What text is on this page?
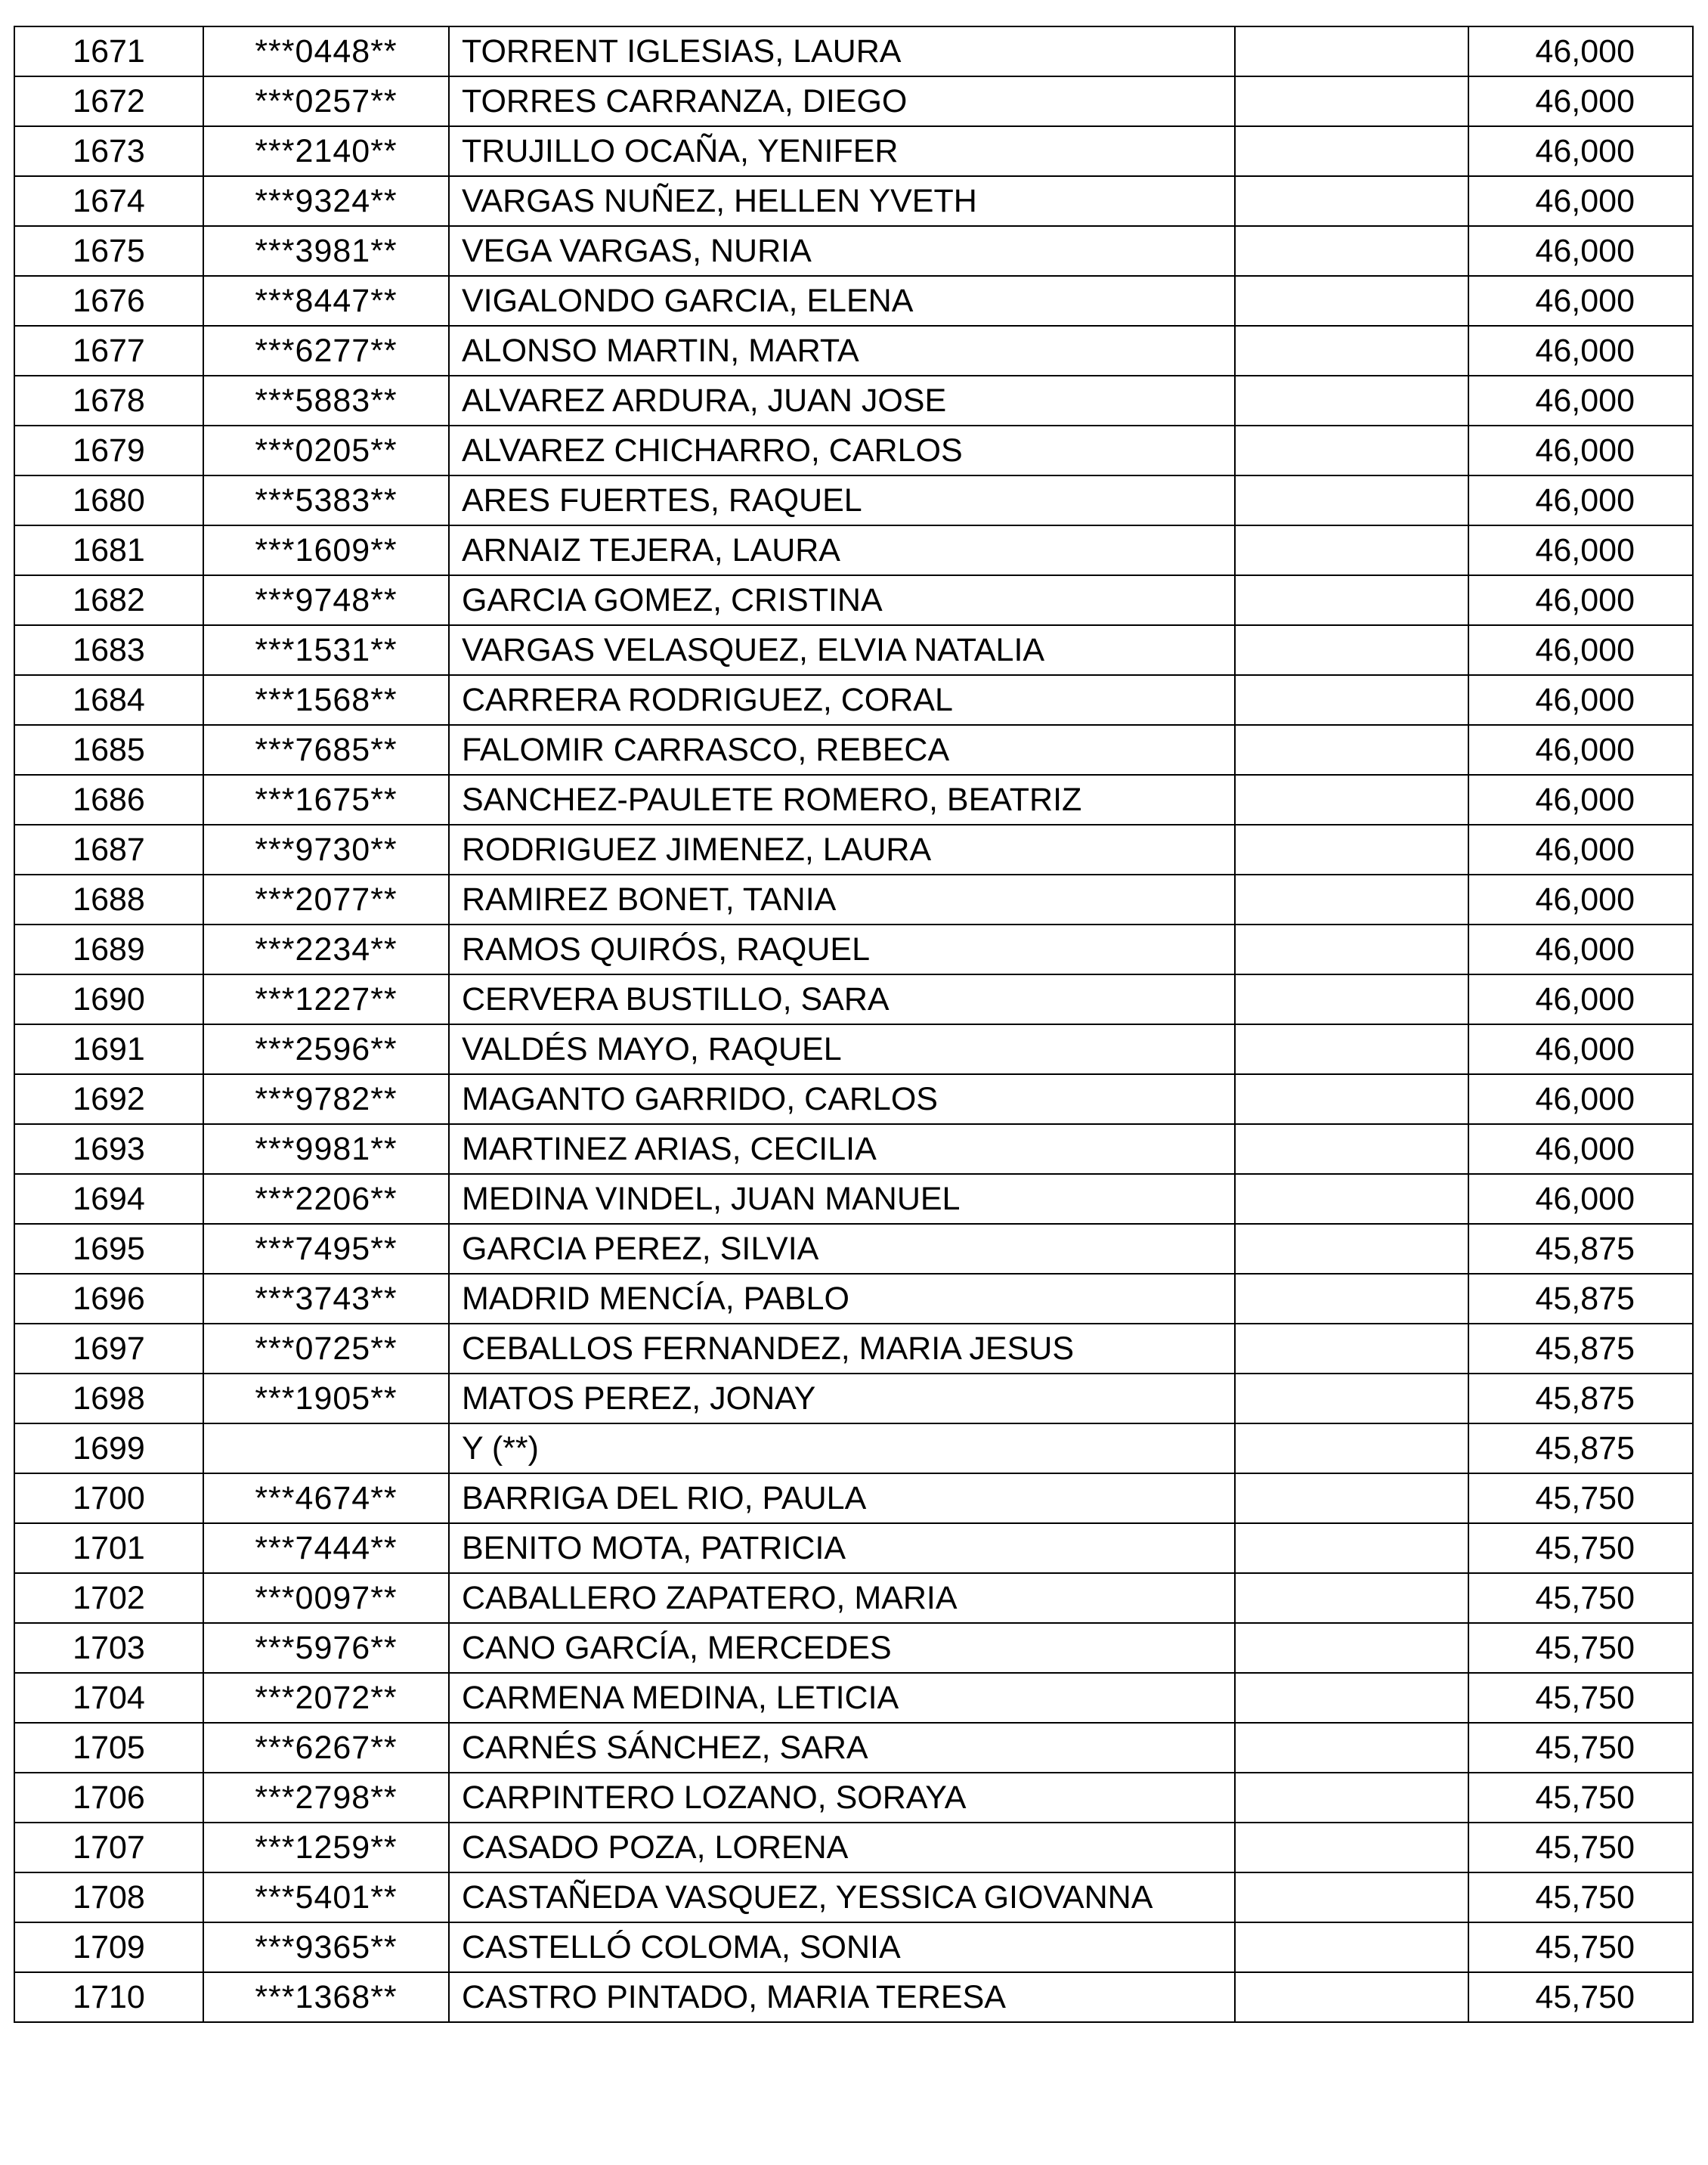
1671	***0448**	TORRENT IGLESIAS, LAURA		46,000
1672	***0257**	TORRES CARRANZA, DIEGO		46,000
1673	***2140**	TRUJILLO OCAÑA, YENIFER		46,000
1674	***9324**	VARGAS NUÑEZ, HELLEN YVETH		46,000
1675	***3981**	VEGA VARGAS, NURIA		46,000
1676	***8447**	VIGALONDO GARCIA, ELENA		46,000
1677	***6277**	ALONSO MARTIN, MARTA		46,000
1678	***5883**	ALVAREZ ARDURA, JUAN JOSE		46,000
1679	***0205**	ALVAREZ CHICHARRO, CARLOS		46,000
1680	***5383**	ARES FUERTES, RAQUEL		46,000
1681	***1609**	ARNAIZ TEJERA, LAURA		46,000
1682	***9748**	GARCIA GOMEZ, CRISTINA		46,000
1683	***1531**	VARGAS VELASQUEZ, ELVIA NATALIA		46,000
1684	***1568**	CARRERA RODRIGUEZ, CORAL		46,000
1685	***7685**	FALOMIR CARRASCO, REBECA		46,000
1686	***1675**	SANCHEZ-PAULETE ROMERO, BEATRIZ		46,000
1687	***9730**	RODRIGUEZ JIMENEZ, LAURA		46,000
1688	***2077**	RAMIREZ BONET, TANIA		46,000
1689	***2234**	RAMOS QUIRÓS, RAQUEL		46,000
1690	***1227**	CERVERA BUSTILLO, SARA		46,000
1691	***2596**	VALDÉS MAYO, RAQUEL		46,000
1692	***9782**	MAGANTO GARRIDO, CARLOS		46,000
1693	***9981**	MARTINEZ ARIAS, CECILIA		46,000
1694	***2206**	MEDINA VINDEL, JUAN MANUEL		46,000
1695	***7495**	GARCIA PEREZ, SILVIA		45,875
1696	***3743**	MADRID MENCÍA, PABLO		45,875
1697	***0725**	CEBALLOS FERNANDEZ, MARIA JESUS		45,875
1698	***1905**	MATOS PEREZ, JONAY		45,875
1699		Y (**)		45,875
1700	***4674**	BARRIGA DEL RIO, PAULA		45,750
1701	***7444**	BENITO MOTA, PATRICIA		45,750
1702	***0097**	CABALLERO ZAPATERO, MARIA		45,750
1703	***5976**	CANO GARCÍA, MERCEDES		45,750
1704	***2072**	CARMENA MEDINA, LETICIA		45,750
1705	***6267**	CARNÉS SÁNCHEZ, SARA		45,750
1706	***2798**	CARPINTERO LOZANO, SORAYA		45,750
1707	***1259**	CASADO POZA, LORENA		45,750
1708	***5401**	CASTAÑEDA VASQUEZ, YESSICA GIOVANNA		45,750
1709	***9365**	CASTELLÓ COLOMA, SONIA		45,750
1710	***1368**	CASTRO PINTADO, MARIA TERESA		45,750
